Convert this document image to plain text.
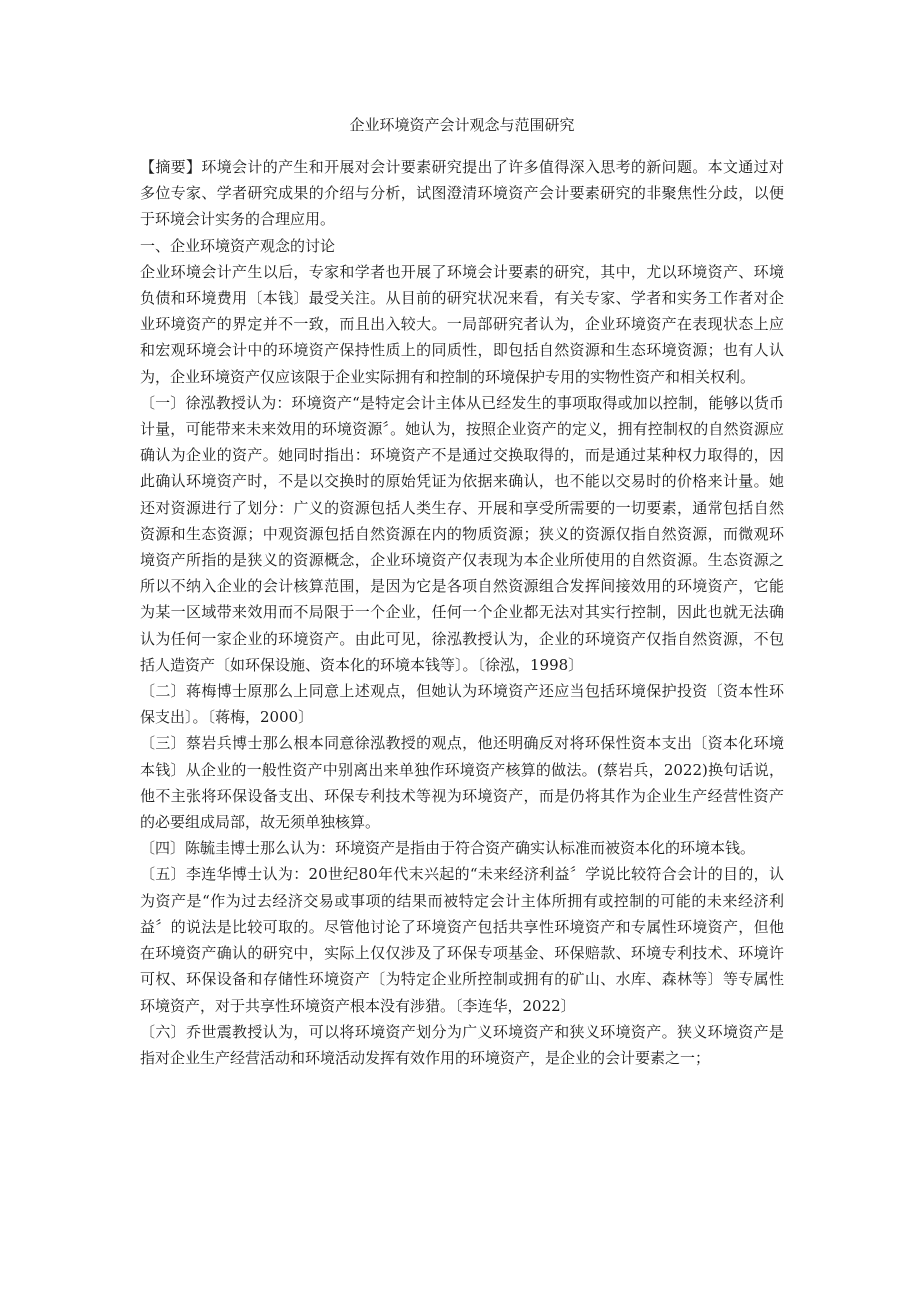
企业环境资产会计观念与范围研究

【摘要】环境会计的产生和开展对会计要素研究提出了许多值得深入思考的新问题。本文通过对多位专家、学者研究成果的介绍与分析，试图澄清环境资产会计要素研究的非聚焦性分歧，以便于环境会计实务的合理应用。

一、企业环境资产观念的讨论

企业环境会计产生以后，专家和学者也开展了环境会计要素的研究，其中，尤以环境资产、环境负债和环境费用〔本钱〕最受关注。从目前的研究状况来看，有关专家、学者和实务工作者对企业环境资产的界定并不一致，而且出入较大。一局部研究者认为，企业环境资产在表现状态上应和宏观环境会计中的环境资产保持性质上的同质性，即包括自然资源和生态环境资源；也有人认为，企业环境资产仅应该限于企业实际拥有和控制的环境保护专用的实物性资产和相关权利。

〔一〕徐泓教授认为：环境资产“是特定会计主体从已经发生的事项取得或加以控制，能够以货币计量，可能带来未来效用的环境资源〞。她认为，按照企业资产的定义，拥有控制权的自然资源应确认为企业的资产。她同时指出：环境资产不是通过交换取得的，而是通过某种权力取得的，因此确认环境资产时，不是以交换时的原始凭证为依据来确认，也不能以交易时的价格来计量。她还对资源进行了划分：广义的资源包括人类生存、开展和享受所需要的一切要素，通常包括自然资源和生态资源；中观资源包括自然资源在内的物质资源；狭义的资源仅指自然资源，而微观环境资产所指的是狭义的资源概念，企业环境资产仅表现为本企业所使用的自然资源。生态资源之所以不纳入企业的会计核算范围，是因为它是各项自然资源组合发挥间接效用的环境资产，它能为某一区域带来效用而不局限于一个企业，任何一个企业都无法对其实行控制，因此也就无法确认为任何一家企业的环境资产。由此可见，徐泓教授认为，企业的环境资产仅指自然资源，不包括人造资产〔如环保设施、资本化的环境本钱等〕。〔徐泓，1998〕

〔二〕蒋梅博士原那么上同意上述观点，但她认为环境资产还应当包括环境保护投资〔资本性环保支出〕。〔蒋梅，2000〕

〔三〕蔡岩兵博士那么根本同意徐泓教授的观点，他还明确反对将环保性资本支出〔资本化环境本钱〕从企业的一般性资产中别离出来单独作环境资产核算的做法。(蔡岩兵，2022)换句话说，他不主张将环保设备支出、环保专利技术等视为环境资产，而是仍将其作为企业生产经营性资产的必要组成局部，故无须单独核算。

〔四〕陈毓圭博士那么认为：环境资产是指由于符合资产确实认标准而被资本化的环境本钱。

〔五〕李连华博士认为：20世纪80年代末兴起的“未来经济利益〞学说比较符合会计的目的，认为资产是“作为过去经济交易或事项的结果而被特定会计主体所拥有或控制的可能的未来经济利益〞的说法是比较可取的。尽管他讨论了环境资产包括共享性环境资产和专属性环境资产，但他在环境资产确认的研究中，实际上仅仅涉及了环保专项基金、环保赔款、环境专利技术、环境许可权、环保设备和存储性环境资产〔为特定企业所控制或拥有的矿山、水库、森林等〕等专属性环境资产，对于共享性环境资产根本没有涉猎。〔李连华，2022〕

〔六〕乔世震教授认为，可以将环境资产划分为广义环境资产和狭义环境资产。狭义环境资产是指对企业生产经营活动和环境活动发挥有效作用的环境资产，是企业的会计要素之一；
